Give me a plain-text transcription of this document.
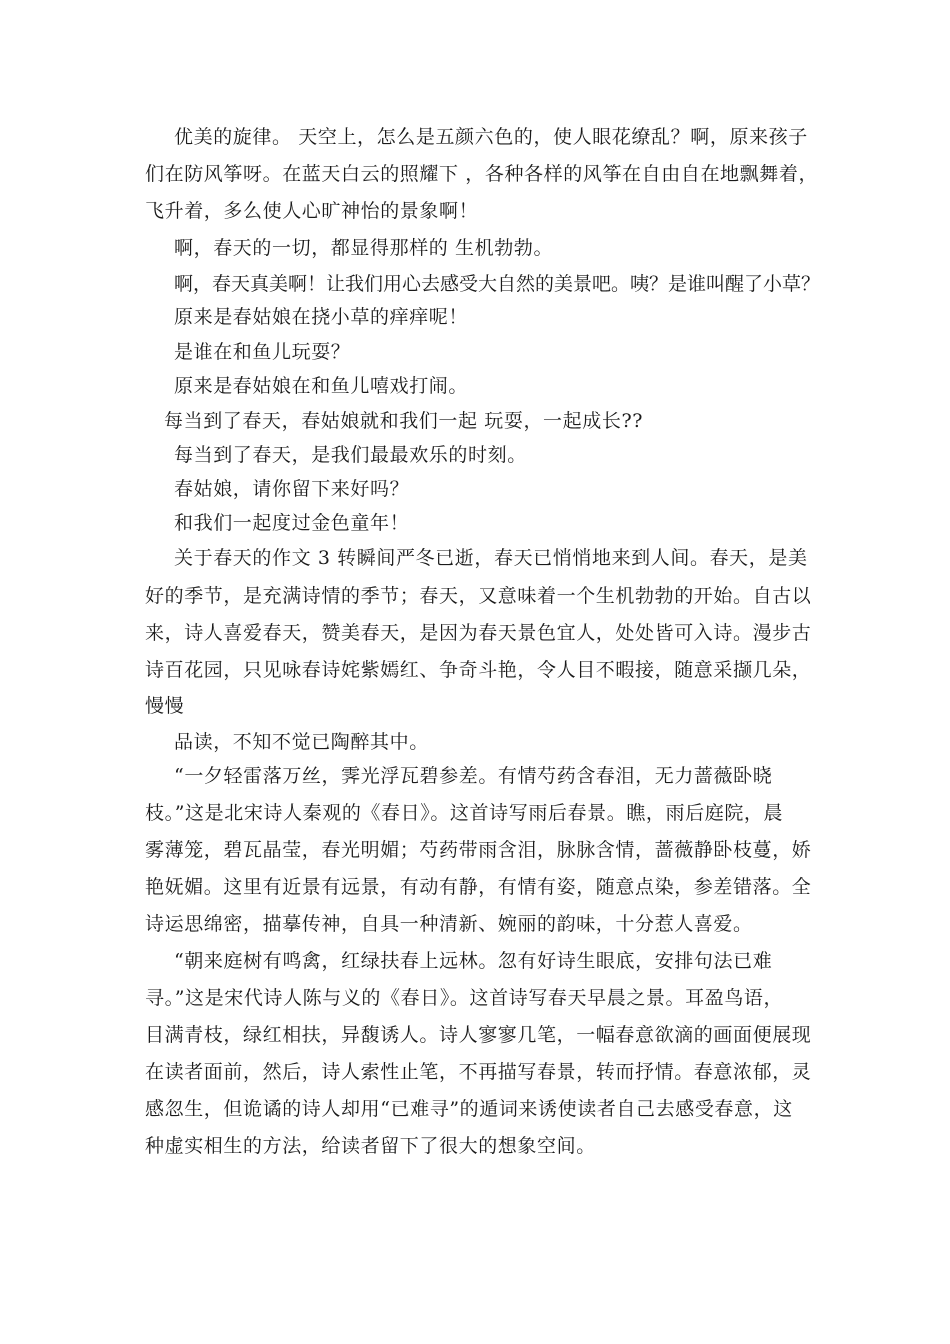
优美的旋律。 天空上，怎么是五颜六色的，使人眼花缭乱？啊，原来孩子
们在防风筝呀。在蓝天白云的照耀下 ，各种各样的风筝在自由自在地飘舞着，
飞升着，多么使人心旷神怡的景象啊！
啊，春天的一切，都显得那样的 生机勃勃。
啊，春天真美啊！让我们用心去感受大自然的美景吧。咦？是谁叫醒了小草？
原来是春姑娘在挠小草的痒痒呢！
是谁在和鱼儿玩耍？
原来是春姑娘在和鱼儿嘻戏打闹。
每当到了春天，春姑娘就和我们一起 玩耍，一起成长??
每当到了春天，是我们最最欢乐的时刻。
春姑娘，请你留下来好吗？
和我们一起度过金色童年！
关于春天的作文 3 转瞬间严冬已逝，春天已悄悄地来到人间。春天，是美
好的季节，是充满诗情的季节；春天，又意味着一个生机勃勃的开始。自古以
来，诗人喜爱春天，赞美春天，是因为春天景色宜人，处处皆可入诗。漫步古
诗百花园，只见咏春诗姹紫嫣红、争奇斗艳，令人目不暇接，随意采撷几朵，
慢慢
品读，不知不觉已陶醉其中。
“一夕轻雷落万丝，霁光浮瓦碧参差。有情芍药含春泪，无力蔷薇卧晓
枝。”这是北宋诗人秦观的《春日》。这首诗写雨后春景。瞧，雨后庭院，晨
雾薄笼，碧瓦晶莹，春光明媚；芍药带雨含泪，脉脉含情，蔷薇静卧枝蔓，娇
艳妩媚。这里有近景有远景，有动有静，有情有姿，随意点染，参差错落。全
诗运思绵密，描摹传神，自具一种清新、婉丽的韵味，十分惹人喜爱。
“朝来庭树有鸣禽，红绿扶春上远林。忽有好诗生眼底，安排句法已难
寻。”这是宋代诗人陈与义的《春日》。这首诗写春天早晨之景。耳盈鸟语，
目满青枝，绿红相扶，异馥诱人。诗人寥寥几笔，一幅春意欲滴的画面便展现
在读者面前，然后，诗人索性止笔，不再描写春景，转而抒情。春意浓郁，灵
感忽生，但诡谲的诗人却用“已难寻”的遁词来诱使读者自己去感受春意，这
种虚实相生的方法，给读者留下了很大的想象空间。
